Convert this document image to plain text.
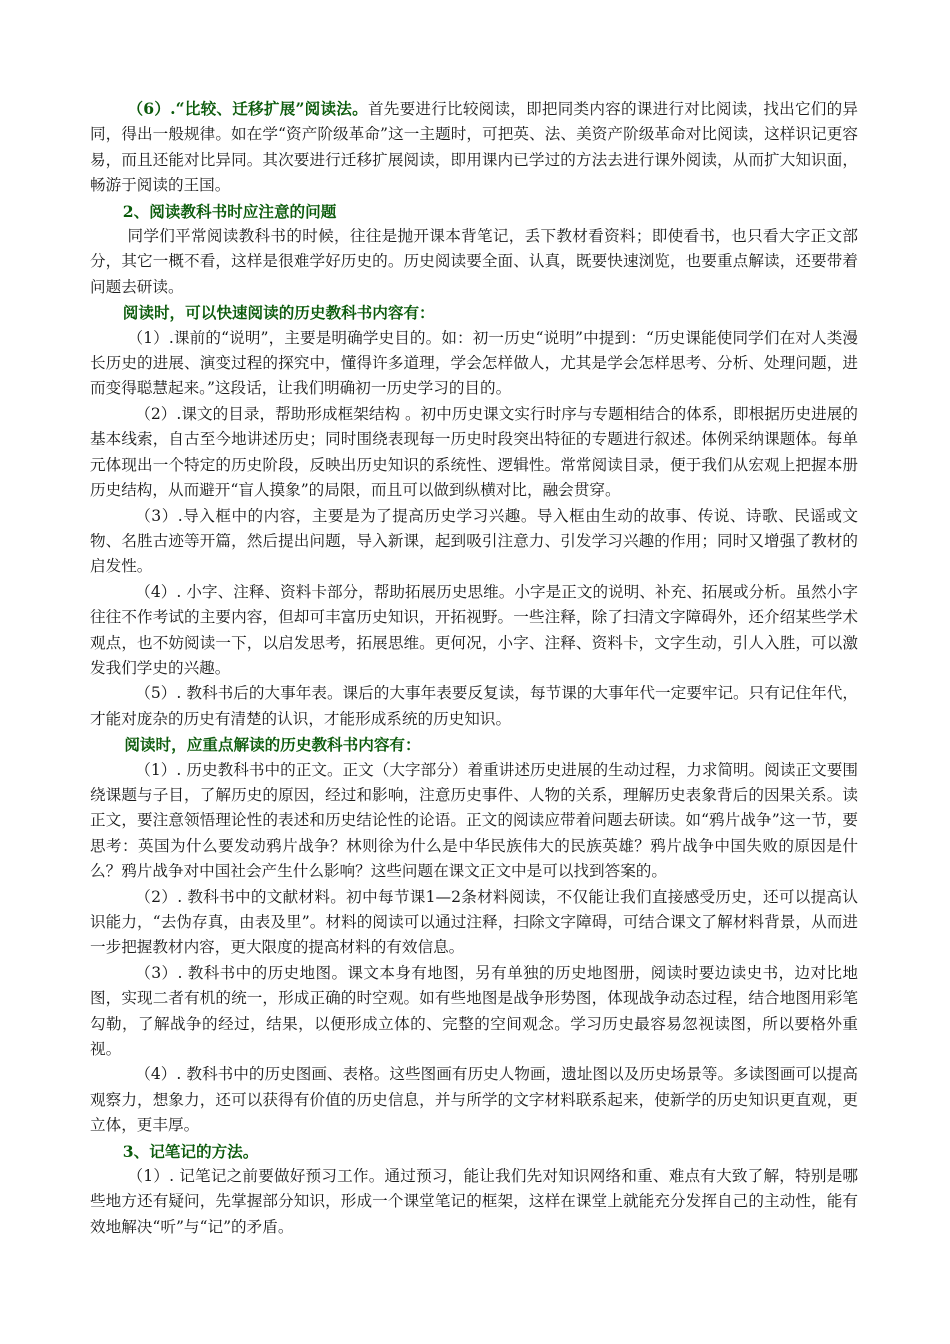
（6）.“比较、迁移扩展”阅读法。首先要进行比较阅读，即把同类内容的课进行对比阅读，找出它们的异同，得出一般规律。如在学“资产阶级革命”这一主题时，可把英、法、美资产阶级革命对比阅读，这样识记更容易，而且还能对比异同。其次要进行迁移扩展阅读，即用课内已学过的方法去进行课外阅读，从而扩大知识面，畅游于阅读的王国。

2、阅读教科书时应注意的问题

同学们平常阅读教科书的时候，往往是抛开课本背笔记，丢下教材看资料；即使看书，也只看大字正文部分，其它一概不看，这样是很难学好历史的。历史阅读要全面、认真，既要快速浏览，也要重点解读，还要带着问题去研读。

阅读时，可以快速阅读的历史教科书内容有：

（1）.课前的“说明”，主要是明确学史目的。如：初一历史“说明”中提到：“历史课能使同学们在对人类漫长历史的进展、演变过程的探究中，懂得许多道理，学会怎样做人，尤其是学会怎样思考、分析、处理问题，进而变得聪慧起来。”这段话，让我们明确初一历史学习的目的。

（2）.课文的目录，帮助形成框架结构 。初中历史课文实行时序与专题相结合的体系，即根据历史进展的基本线索，自古至今地讲述历史；同时围绕表现每一历史时段突出特征的专题进行叙述。体例采纳课题体。每单元体现出一个特定的历史阶段，反映出历史知识的系统性、逻辑性。常常阅读目录，便于我们从宏观上把握本册历史结构，从而避开“盲人摸象”的局限，而且可以做到纵横对比，融会贯穿。

（3）.导入框中的内容，主要是为了提高历史学习兴趣。导入框由生动的故事、传说、诗歌、民谣或文物、名胜古迹等开篇，然后提出问题，导入新课，起到吸引注意力、引发学习兴趣的作用；同时又增强了教材的启发性。

（4）. 小字、注释、资料卡部分，帮助拓展历史思维。小字是正文的说明、补充、拓展或分析。虽然小字往往不作考试的主要内容，但却可丰富历史知识，开拓视野。一些注释，除了扫清文字障碍外，还介绍某些学术观点，也不妨阅读一下，以启发思考，拓展思维。更何况，小字、注释、资料卡，文字生动，引人入胜，可以激发我们学史的兴趣。

（5）. 教科书后的大事年表。课后的大事年表要反复读，每节课的大事年代一定要牢记。只有记住年代，才能对庞杂的历史有清楚的认识，才能形成系统的历史知识。

阅读时，应重点解读的历史教科书内容有：

（1）. 历史教科书中的正文。正文（大字部分）着重讲述历史进展的生动过程，力求简明。阅读正文要围绕课题与子目，了解历史的原因，经过和影响，注意历史事件、人物的关系，理解历史表象背后的因果关系。读正文，要注意领悟理论性的表述和历史结论性的论语。正文的阅读应带着问题去研读。如“鸦片战争”这一节，要思考：英国为什么要发动鸦片战争？林则徐为什么是中华民族伟大的民族英雄？鸦片战争中国失败的原因是什么？鸦片战争对中国社会产生什么影响？这些问题在课文正文中是可以找到答案的。

（2）. 教科书中的文献材料。初中每节课1—2条材料阅读，不仅能让我们直接感受历史，还可以提高认识能力，“去伪存真，由表及里”。材料的阅读可以通过注释，扫除文字障碍，可结合课文了解材料背景，从而进一步把握教材内容，更大限度的提高材料的有效信息。

（3）. 教科书中的历史地图。课文本身有地图，另有单独的历史地图册，阅读时要边读史书，边对比地图，实现二者有机的统一，形成正确的时空观。如有些地图是战争形势图，体现战争动态过程，结合地图用彩笔勾勒，了解战争的经过，结果，以便形成立体的、完整的空间观念。学习历史最容易忽视读图，所以要格外重视。

（4）. 教科书中的历史图画、表格。这些图画有历史人物画，遗址图以及历史场景等。多读图画可以提高观察力，想象力，还可以获得有价值的历史信息，并与所学的文字材料联系起来，使新学的历史知识更直观，更立体，更丰厚。

3、记笔记的方法。

（1）. 记笔记之前要做好预习工作。通过预习，能让我们先对知识网络和重、难点有大致了解，特别是哪些地方还有疑问，先掌握部分知识，形成一个课堂笔记的框架，这样在课堂上就能充分发挥自己的主动性，能有效地解决“听”与“记”的矛盾。
